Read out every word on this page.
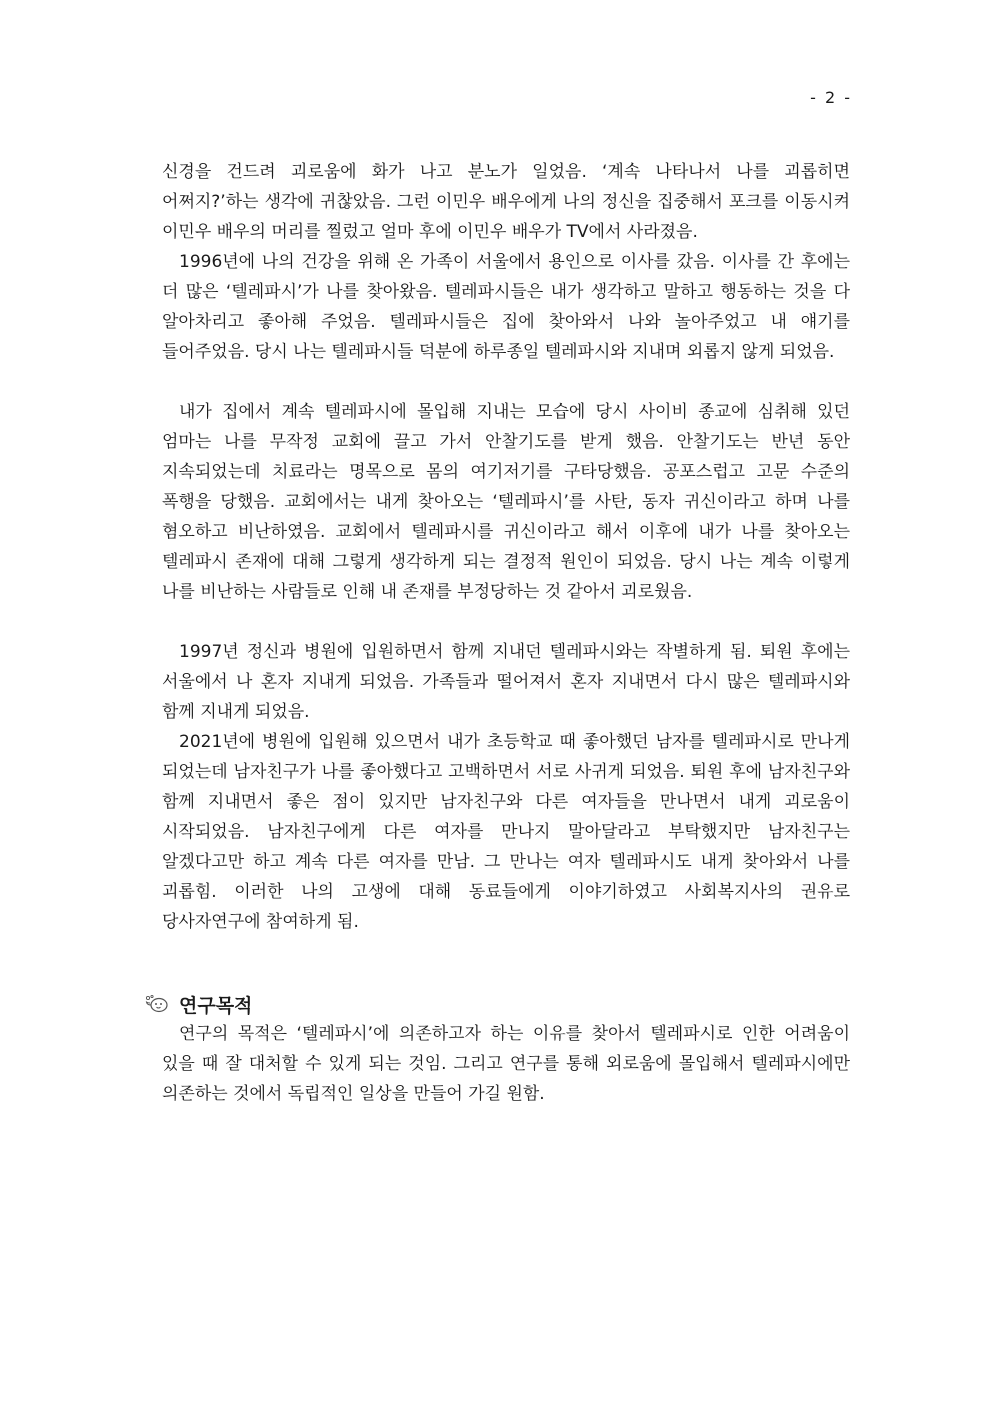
- 2 -

신경을 건드려 괴로움에 화가 나고 분노가 일었음. ‘계속 나타나서 나를 괴롭히면 어쩌지?’하는 생각에 귀찮았음. 그런 이민우 배우에게 나의 정신을 집중해서 포크를 이동시켜 이민우 배우의 머리를 찔렀고 얼마 후에 이민우 배우가 TV에서 사라졌음.

1996년에 나의 건강을 위해 온 가족이 서울에서 용인으로 이사를 갔음. 이사를 간 후에는 더 많은 ‘텔레파시’가 나를 찾아왔음. 텔레파시들은 내가 생각하고 말하고 행동하는 것을 다 알아차리고 좋아해 주었음. 텔레파시들은 집에 찾아와서 나와 놀아주었고 내 얘기를 들어주었음. 당시 나는 텔레파시들 덕분에 하루종일 텔레파시와 지내며 외롭지 않게 되었음.

내가 집에서 계속 텔레파시에 몰입해 지내는 모습에 당시 사이비 종교에 심취해 있던 엄마는 나를 무작정 교회에 끌고 가서 안찰기도를 받게 했음. 안찰기도는 반년 동안 지속되었는데 치료라는 명목으로 몸의 여기저기를 구타당했음. 공포스럽고 고문 수준의 폭행을 당했음. 교회에서는 내게 찾아오는 ‘텔레파시’를 사탄, 동자 귀신이라고 하며 나를 혐오하고 비난하였음. 교회에서 텔레파시를 귀신이라고 해서 이후에 내가 나를 찾아오는 텔레파시 존재에 대해 그렇게 생각하게 되는 결정적 원인이 되었음. 당시 나는 계속 이렇게 나를 비난하는 사람들로 인해 내 존재를 부정당하는 것 같아서 괴로웠음.

1997년 정신과 병원에 입원하면서 함께 지내던 텔레파시와는 작별하게 됨. 퇴원 후에는 서울에서 나 혼자 지내게 되었음. 가족들과 떨어져서 혼자 지내면서 다시 많은 텔레파시와 함께 지내게 되었음.

2021년에 병원에 입원해 있으면서 내가 초등학교 때 좋아했던 남자를 텔레파시로 만나게 되었는데 남자친구가 나를 좋아했다고 고백하면서 서로 사귀게 되었음. 퇴원 후에 남자친구와 함께 지내면서 좋은 점이 있지만 남자친구와 다른 여자들을 만나면서 내게 괴로움이 시작되었음. 남자친구에게 다른 여자를 만나지 말아달라고 부탁했지만 남자친구는 알겠다고만 하고 계속 다른 여자를 만남. 그 만나는 여자 텔레파시도 내게 찾아와서 나를 괴롭힘. 이러한 나의 고생에 대해 동료들에게 이야기하였고 사회복지사의 권유로 당사자연구에 참여하게 됨.

연구목적

연구의 목적은 ‘텔레파시’에 의존하고자 하는 이유를 찾아서 텔레파시로 인한 어려움이 있을 때 잘 대처할 수 있게 되는 것임. 그리고 연구를 통해 외로움에 몰입해서 텔레파시에만 의존하는 것에서 독립적인 일상을 만들어 가길 원함.
